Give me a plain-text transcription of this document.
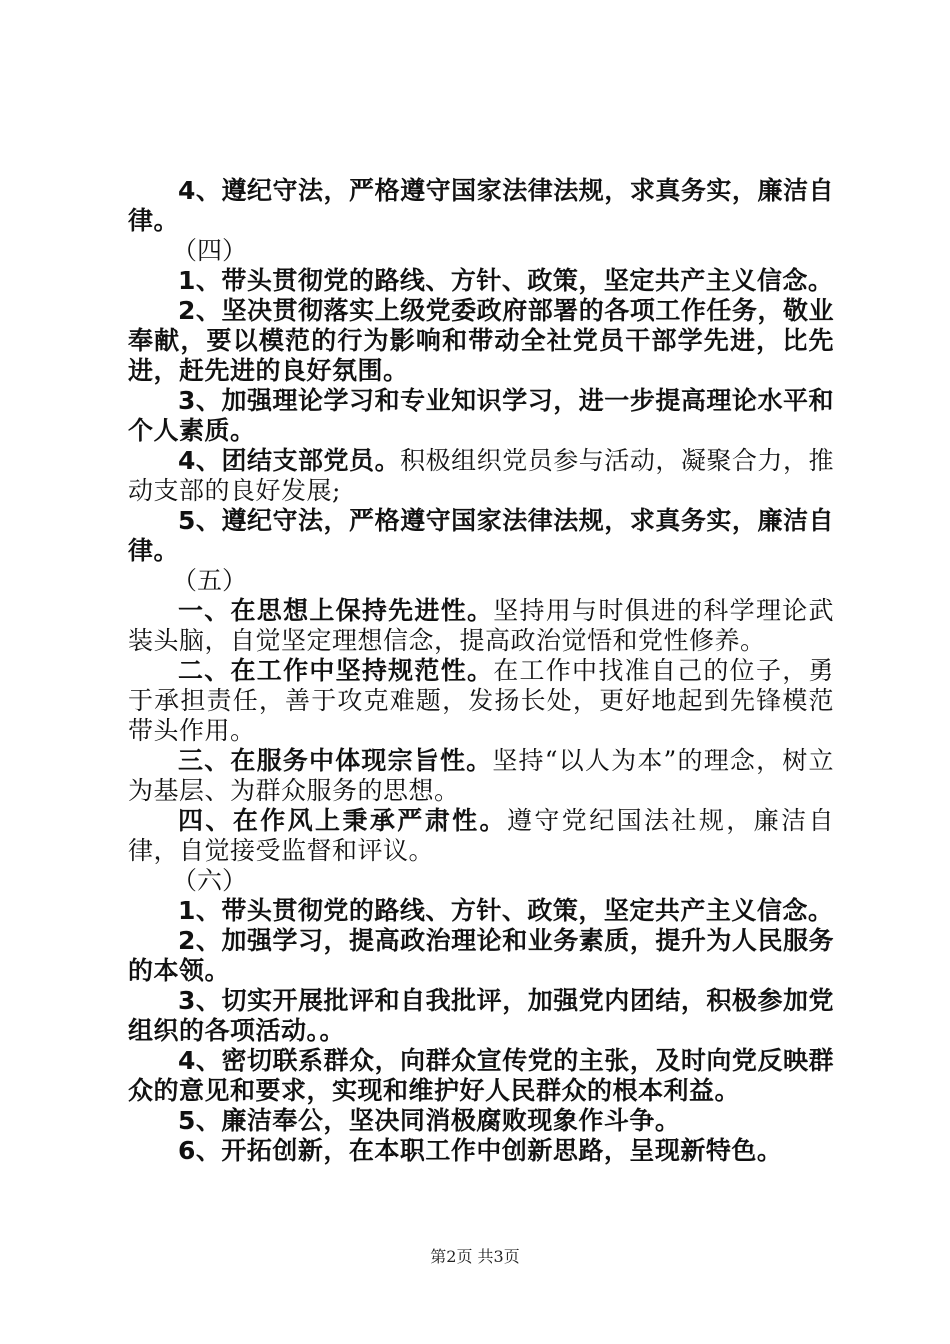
4、遵纪守法，严格遵守国家法律法规，求真务实，廉洁自律。

（四）

1、带头贯彻党的路线、方针、政策，坚定共产主义信念。

2、坚决贯彻落实上级党委政府部署的各项工作任务，敬业奉献，要以模范的行为影响和带动全社党员干部学先进，比先进，赶先进的良好氛围。

3、加强理论学习和专业知识学习，进一步提高理论水平和个人素质。

4、团结支部党员。积极组织党员参与活动，凝聚合力，推动支部的良好发展;

5、遵纪守法，严格遵守国家法律法规，求真务实，廉洁自律。

（五）

一、在思想上保持先进性。坚持用与时俱进的科学理论武装头脑，自觉坚定理想信念，提高政治觉悟和党性修养。

二、在工作中坚持规范性。在工作中找准自己的位子，勇于承担责任，善于攻克难题，发扬长处，更好地起到先锋模范带头作用。

三、在服务中体现宗旨性。坚持“以人为本”的理念，树立为基层、为群众服务的思想。

四、在作风上秉承严肃性。遵守党纪国法社规，廉洁自律，自觉接受监督和评议。

（六）

1、带头贯彻党的路线、方针、政策，坚定共产主义信念。

2、加强学习，提高政治理论和业务素质，提升为人民服务的本领。

3、切实开展批评和自我批评，加强党内团结，积极参加党组织的各项活动。。

4、密切联系群众，向群众宣传党的主张，及时向党反映群众的意见和要求，实现和维护好人民群众的根本利益。

5、廉洁奉公，坚决同消极腐败现象作斗争。

6、开拓创新，在本职工作中创新思路，呈现新特色。

第2页 共3页
